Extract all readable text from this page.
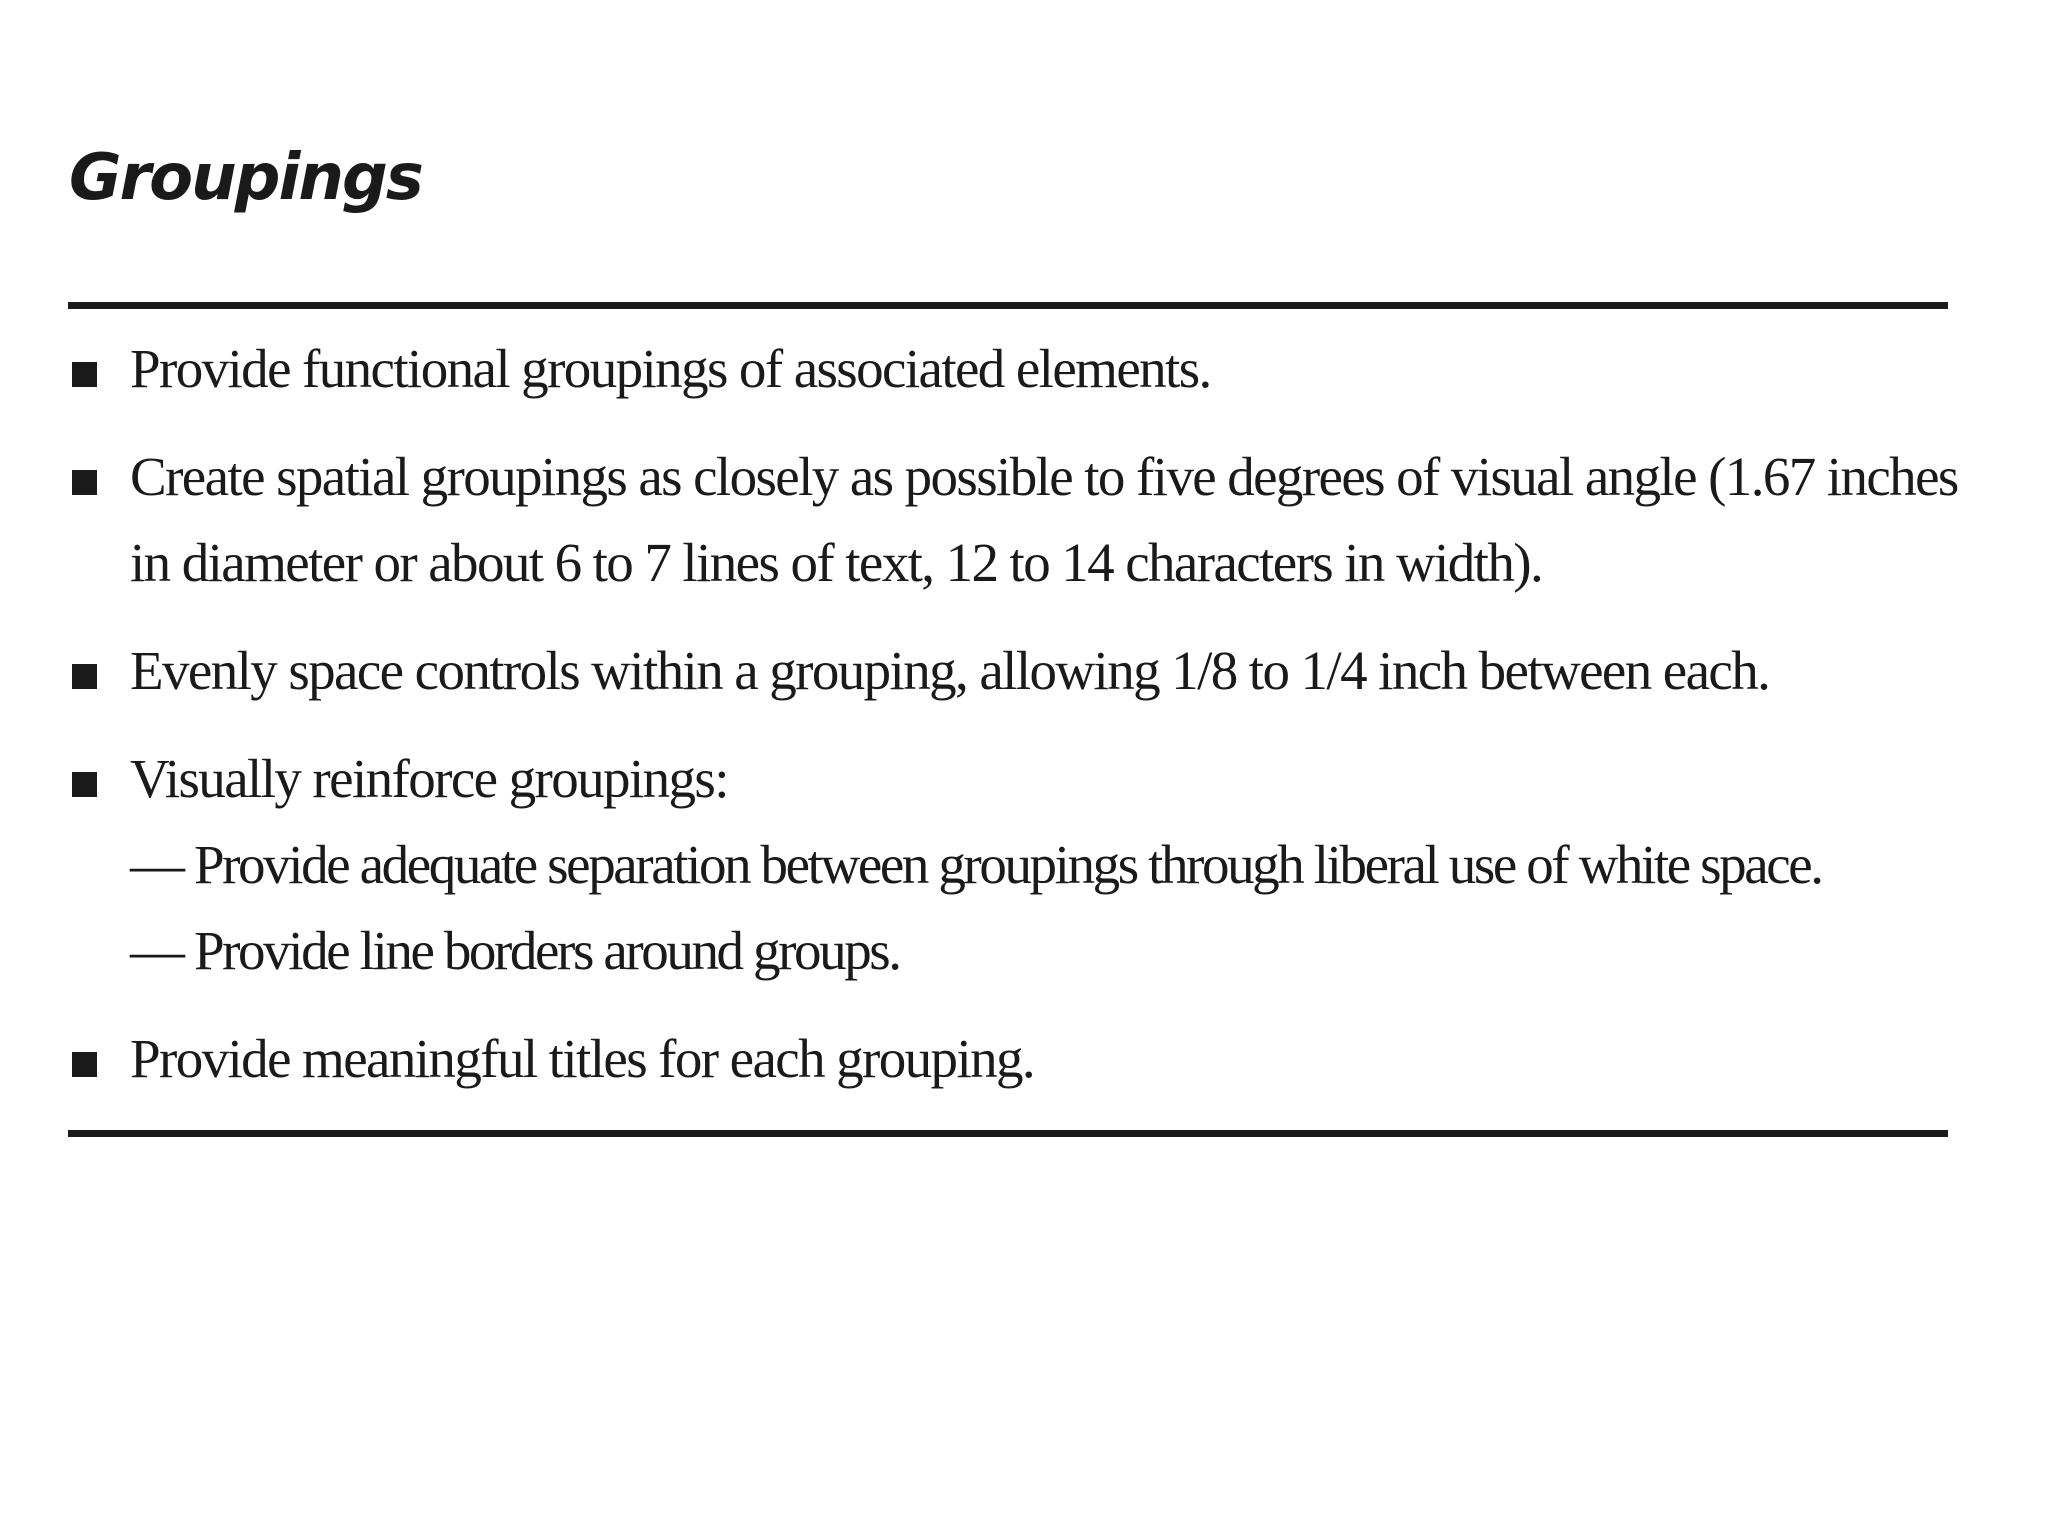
Groupings
Provide functional groupings of associated elements.
Create spatial groupings as closely as possible to five degrees of visual angle (1.67 inches in diameter or about 6 to 7 lines of text, 12 to 14 characters in width).
Evenly space controls within a grouping, allowing 1/8 to 1/4 inch between each.
Visually reinforce groupings:
— Provide adequate separation between groupings through liberal use of white space.
— Provide line borders around groups.
Provide meaningful titles for each grouping.
